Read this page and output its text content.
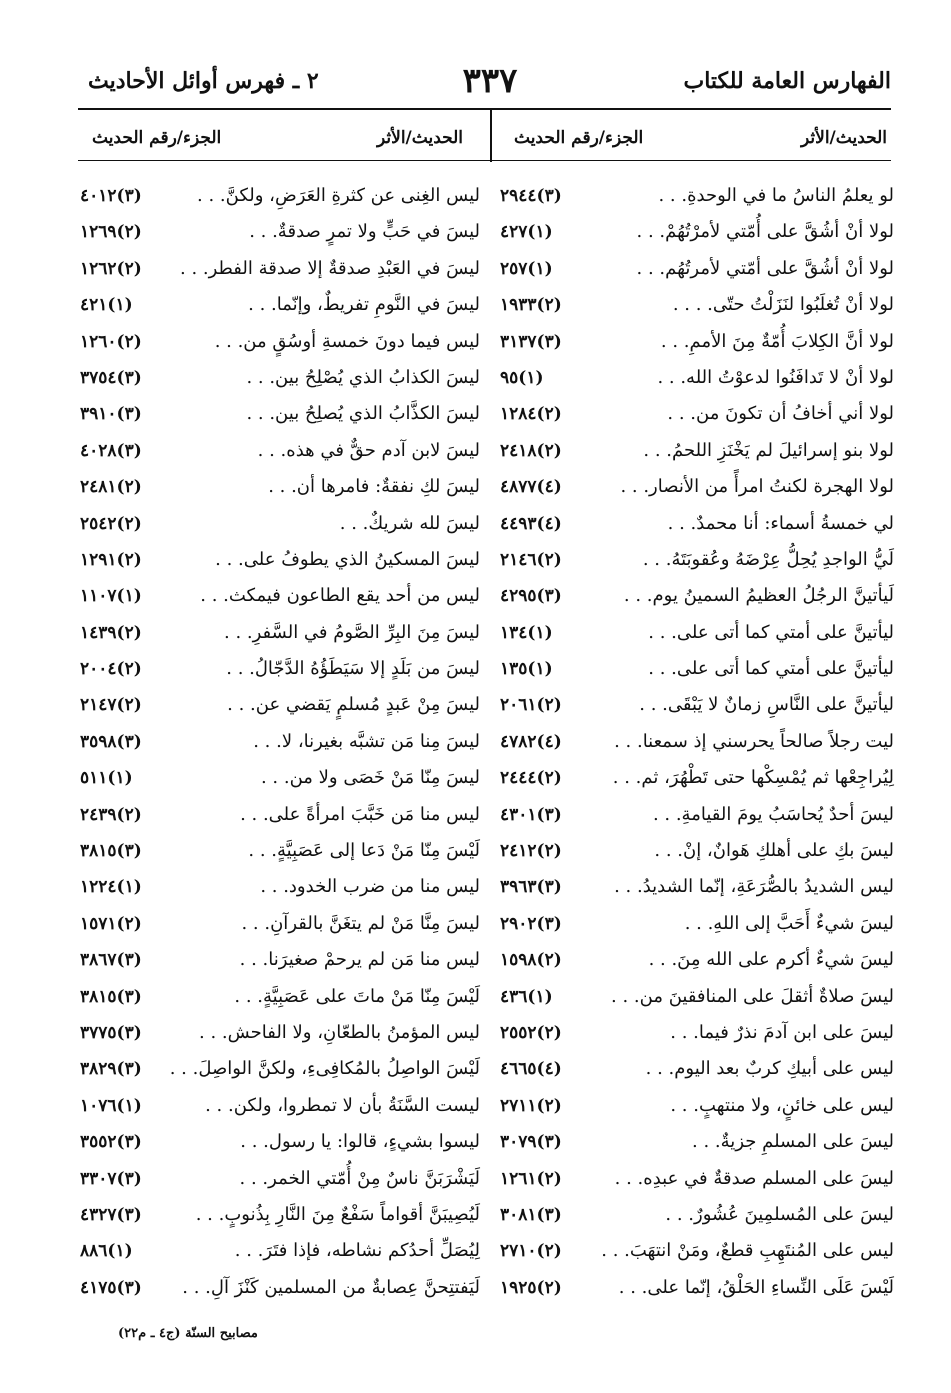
الفهارس العامة للكتاب
٣٣٧
٢ ـ فهرس أوائل الأحاديث
الحديث/الأثر
الجزء/رقم الحديث
الحديث/الأثر
الجزء/رقم الحديث
لو يعلمُ الناسُ ما في الوحدةِ. . .
(٣)٢٩٤٤
لولا أنْ أشُقَّ على أُمّتي لأمرْتُهُمْ. . .
(١)٤٢٧
لولا أنْ أشُقَّ على أمّتي لأمرتُهُم. . .
(١)٢٥٧
لولا أنْ تُغلَبُوا لنَزَلْتُ حتّى. . . .
(٢)١٩٣٣
لولا أنَّ الكِلابَ أُمّةٌ مِنَ الأممِ. . .
(٣)٣١٣٧
لولا أنْ لا تَدافَنُوا لدعوْتُ الله. . .
(١)٩٥
لولا أني أخافُ أن تكونَ من. . .
(٢)١٢٨٤
لولا بنو إسرائيلَ لم يَخْنَزِ اللحمُ. . .
(٢)٢٤١٨
لولا الهجرة لكنتُ امرأً من الأنصار. . .
(٤)٤٨٧٧
لي خمسةُ أسماء: أنا محمدٌ. . .
(٤)٤٤٩٣
لَيُّ الواجدِ يُحِلُّ عِرْضَهُ وعُقوبَتَهُ. . .
(٢)٢١٤٦
لَيأتينَّ الرجُلُ العظيمُ السمينُ يوم. . .
(٣)٤٢٩٥
ليأتينَّ على أمتي كما أتى على. . .
(١)١٣٤
ليأتينَّ على أمتي كما أتى على. . .
(١)١٣٥
ليأتينَّ على النَّاسِ زمانٌ لا يَبْقَى. . .
(٢)٢٠٦١
ليت رجلاً صالحاً يحرسني إذ سمعنا. . .
(٤)٤٧٨٢
لِيُراجِعْها ثم يُمْسِكْها حتى تَطْهُرَ، ثم. . .
(٢)٢٤٤٤
ليسَ أحدٌ يُحاسَبُ يومَ القيامةِ. . .
(٣)٤٣٠١
ليسَ بكِ على أهلكِ هَوانٌ، إنْ. . .
(٢)٢٤١٢
ليس الشديدُ بالصُّرَعَةِ، إنّما الشديدُ. . .
(٣)٣٩٦٣
ليسَ شيءٌ أَحَبَّ إلى اللهِ. . .
(٣)٢٩٠٢
ليسَ شيءٌ أكرم على الله مِنَ. . .
(٢)١٥٩٨
ليسَ صلاةٌ أثقلَ على المنافقينَ من. . .
(١)٤٣٦
ليسَ على ابن آدمَ نذرٌ فيما. . .
(٢)٢٥٥٢
ليس على أبيكِ كربٌ بعد اليوم. . .
(٤)٤٦٦٥
ليس على خائنٍ، ولا منتهبٍ. . .
(٢)٢٧١١
ليسَ على المسلمِ جزيةٌ. . .
(٣)٣٠٧٩
ليسَ على المسلم صدقةٌ في عبدِه. . .
(٢)١٢٦١
ليسَ على المُسلمِينَ عُشُورٌ. . .
(٣)٣٠٨١
ليس على المُنتَهِبِ قطعٌ، ومَنْ انتهَبَ. . .
(٢)٢٧١٠
لَيْسَ عَلَى النِّساءِ الحَلْقُ، إنّما على. . .
(٢)١٩٢٥
ليس الغِنى عن كثرةِ العَرَضِ، ولكنَّ. . .
(٣)٤٠١٢
ليسَ في حَبٍّ ولا تمرٍ صدقةٌ. . .
(٢)١٢٦٩
ليسَ في العَبْدِ صدقةٌ إلا صدقة الفطر. . .
(٢)١٢٦٢
ليسَ في النَّومِ تفريطٌ، وإنّما. . .
(١)٤٢١
ليس فيما دونَ خمسةِ أوسُقٍ من. . .
(٢)١٢٦٠
ليسَ الكذابُ الذي يُصْلِحُ بين. . .
(٣)٣٧٥٤
ليسَ الكذَّابُ الذي يُصلِحُ بين. . .
(٣)٣٩١٠
ليسَ لابن آدم حقٌّ في هذه. . .
(٣)٤٠٢٨
ليسَ لكِ نفقةٌ: فامرها أن. . .
(٢)٢٤٨١
ليسَ لله شريكٌ. . .
(٢)٢٥٤٢
ليسَ المسكينُ الذي يطوفُ على. . .
(٢)١٢٩١
ليس من أحد يقع الطاعون فيمكث. . .
(١)١١٠٧
ليسَ مِنَ البِرِّ الصَّومُ في السَّفرِ. . .
(٢)١٤٣٩
ليسَ من بَلَدٍ إلا سَيَطَؤُهُ الدَّجّالُ. . .
(٢)٢٠٠٤
ليسَ مِنْ عَبدٍ مُسلمٍ يَقضي عن. . .
(٢)٢١٤٧
ليسَ مِنا مَن تشبَّه بغيرنا، لا. . .
(٣)٣٥٩٨
ليسَ مِنّا مَنْ خَصَى ولا من. . .
(١)٥١١
ليس منا مَن خَبَّبَ امرأةً على. . .
(٢)٢٤٣٩
لَيْسَ مِنّا مَنْ دَعا إلى عَصَبِيَّةٍ. . .
(٣)٣٨١٥
ليس منا من ضرب الخدود. . .
(١)١٢٢٤
ليسَ مِنَّا مَنْ لم يتغَنَّ بالقرآنِ. . .
(٢)١٥٧١
ليس منا مَن لم يرحمْ صغيرَنا. . .
(٣)٣٨٦٧
لَيْسَ مِنّا مَنْ ماتَ على عَصَبِيَّةٍ. . .
(٣)٣٨١٥
ليس المؤمنُ بالطعّانِ، ولا الفاحش. . .
(٣)٣٧٧٥
لَيْسَ الواصِلُ بالمُكافِىءِ، ولكنَّ الواصِلَ. . .
(٣)٣٨٢٩
ليست السَّنَةُ بأن لا تمطروا، ولكن. . .
(١)١٠٧٦
ليسوا بشيءٍ، قالوا: يا رسول. . .
(٣)٣٥٥٢
لَيَشْرَبَنَّ ناسٌ مِنْ أُمّتي الخمر. . .
(٣)٣٣٠٧
لَيُصِيبَنَّ أقواماً سَفْعٌ مِنَ النَّارِ بِذُنوبٍ. . .
(٣)٤٣٢٧
لِيُصَلِّ أحدُكم نشاطه، فإذا فتَرَ. . .
(١)٨٨٦
لَيَفتتِحنَّ عِصابةٌ من المسلمين كَنْزَ آلِ. . .
(٣)٤١٧٥
مصابيح السنّة (ج٤ ـ م٢٢)
